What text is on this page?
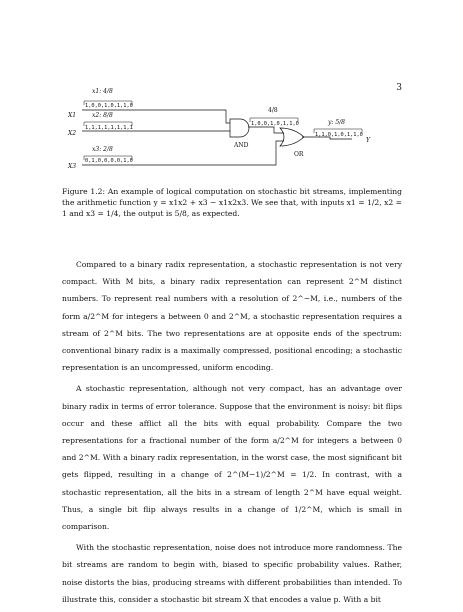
3
x1: 4/8
1,0,0,1,0,1,1,0
X1	x2: 8/8
1,1,1,1,1,1,1,1
X2
x3: 2/8
0,1,0,0,0,0,1,0
X3
4/8
1,0,0,1,0,1,1,0
AND
y: 5/8
1,1,0,1,0,1,1,0
OR
Y
Figure 1.2: An example of logical computation on stochastic bit streams, implementing the arithmetic function y = x1x2 + x3 − x1x2x3. We see that, with inputs x1 = 1/2, x2 = 1 and x3 = 1/4, the output is 5/8, as expected.

Compared to a binary radix representation, a stochastic representation is not very compact. With M bits, a binary radix representation can represent 2^M distinct numbers. To represent real numbers with a resolution of 2^−M, i.e., numbers of the form a/2^M for integers a between 0 and 2^M, a stochastic representation requires a stream of 2^M bits. The two representations are at opposite ends of the spectrum: conventional binary radix is a maximally compressed, positional encoding; a stochastic representation is an uncompressed, uniform encoding.

A stochastic representation, although not very compact, has an advantage over binary radix in terms of error tolerance. Suppose that the environment is noisy: bit flips occur and these afflict all the bits with equal probability. Compare the two representations for a fractional number of the form a/2^M for integers a between 0 and 2^M. With a binary radix representation, in the worst case, the most significant bit gets flipped, resulting in a change of 2^(M−1)/2^M = 1/2. In contrast, with a stochastic representation, all the bits in a stream of length 2^M have equal weight. Thus, a single bit flip always results in a change of 1/2^M, which is small in comparison.

With the stochastic representation, noise does not introduce more randomness. The bit streams are random to begin with, biased to specific probability values. Rather, noise distorts the bias, producing streams with different probabilities than intended. To illustrate this, consider a stochastic bit stream X that encodes a value p. With a bit
